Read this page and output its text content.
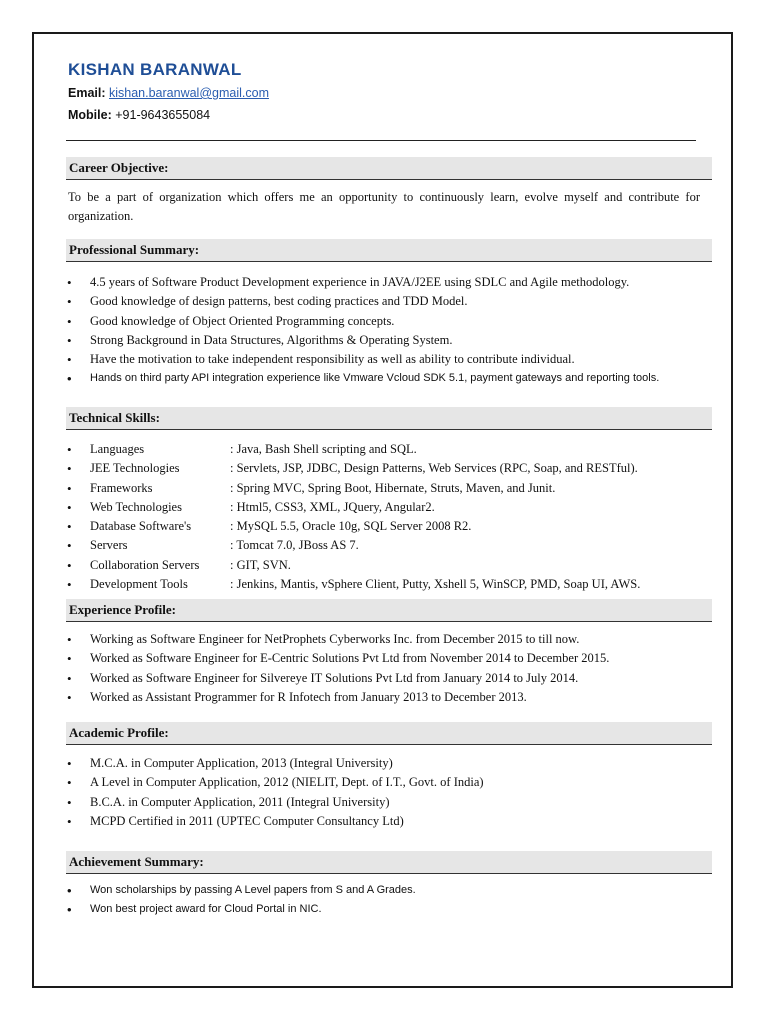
KISHAN BARANWAL
Email: kishan.baranwal@gmail.com
Mobile: +91-9643655084
Career Objective:
To be a part of organization which offers me an opportunity to continuously learn, evolve myself and contribute for organization.
Professional Summary:
• 4.5 years of Software Product Development experience in JAVA/J2EE using SDLC and Agile methodology.
• Good knowledge of design patterns, best coding practices and TDD Model.
• Good knowledge of Object Oriented Programming concepts.
• Strong Background in Data Structures, Algorithms & Operating System.
• Have the motivation to take independent responsibility as well as ability to contribute individual.
• Hands on third party API integration experience like Vmware Vcloud SDK 5.1, payment gateways and reporting tools.
Technical Skills:
• Languages	: Java, Bash Shell scripting and SQL.
• JEE Technologies	: Servlets, JSP, JDBC, Design Patterns, Web Services (RPC, Soap, and RESTful).
• Frameworks	: Spring MVC, Spring Boot, Hibernate, Struts, Maven, and Junit.
• Web Technologies	: Html5, CSS3, XML, JQuery, Angular2.
• Database Software's	: MySQL 5.5, Oracle 10g, SQL Server 2008 R2.
• Servers	: Tomcat 7.0, JBoss AS 7.
• Collaboration Servers : GIT, SVN.
• Development Tools	: Jenkins, Mantis, vSphere Client, Putty, Xshell 5, WinSCP, PMD, Soap UI, AWS.
Experience Profile:
• Working as Software Engineer for NetProphets Cyberworks Inc. from December 2015 to till now.
• Worked as Software Engineer for E-Centric Solutions Pvt Ltd from November 2014 to December 2015.
• Worked as Software Engineer for Silvereye IT Solutions Pvt Ltd from January 2014 to July 2014.
• Worked as Assistant Programmer for R Infotech from January 2013 to December 2013.
Academic Profile:
• M.C.A. in Computer Application, 2013 (Integral University)
• A Level in Computer Application, 2012 (NIELIT, Dept. of I.T., Govt. of India)
• B.C.A. in Computer Application, 2011 (Integral University)
• MCPD Certified in 2011 (UPTEC Computer Consultancy Ltd)
Achievement Summary:
• Won scholarships by passing A Level papers from S and A Grades.
• Won best project award for Cloud Portal in NIC.
